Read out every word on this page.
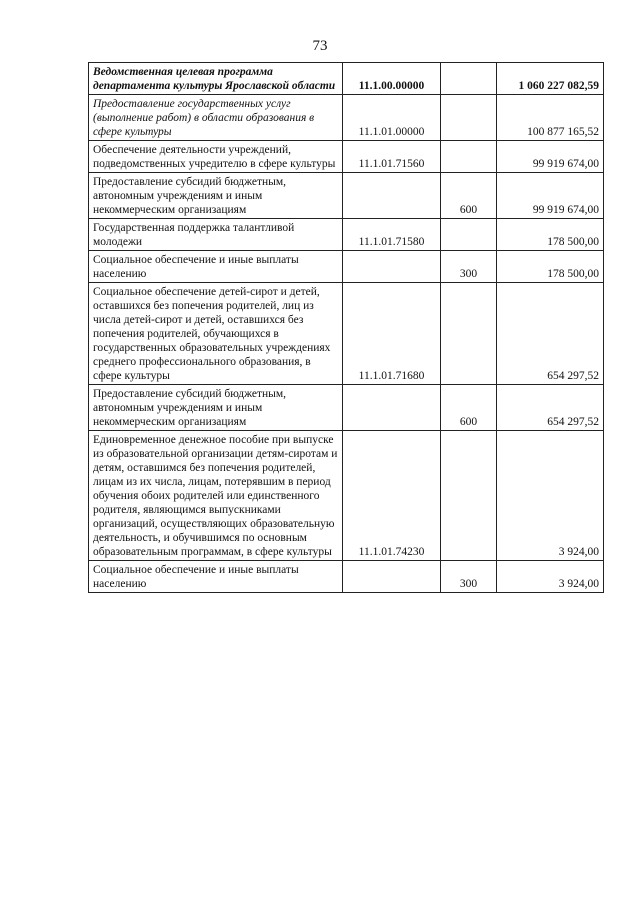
73
Ведомственная целевая программа департамента культуры Ярославской области	11.1.00.00000		1 060 227 082,59
Предоставление государственных услуг (выполнение работ) в области образования в сфере культуры	11.1.01.00000		100 877 165,52
Обеспечение деятельности учреждений, подведомственных учредителю в сфере культуры	11.1.01.71560		99 919 674,00
Предоставление субсидий бюджетным, автономным учреждениям и иным некоммерческим организациям		600	99 919 674,00
Государственная поддержка талантливой молодежи	11.1.01.71580		178 500,00
Социальное обеспечение и иные выплаты населению		300	178 500,00
Социальное обеспечение детей-сирот и детей, оставшихся без попечения родителей, лиц из числа детей-сирот и детей, оставшихся без попечения родителей, обучающихся в государственных образовательных учреждениях среднего профессионального образования, в сфере культуры	11.1.01.71680		654 297,52
Предоставление субсидий бюджетным, автономным учреждениям и иным некоммерческим организациям		600	654 297,52
Единовременное денежное пособие при выпуске из образовательной организации детям-сиротам и детям, оставшимся без попечения родителей, лицам из их числа, лицам, потерявшим в период обучения обоих родителей или единственного родителя, являющимся выпускниками организаций, осуществляющих образовательную деятельность, и обучившимся по основным образовательным программам, в сфере культуры	11.1.01.74230		3 924,00
Социальное обеспечение и иные выплаты населению		300	3 924,00
